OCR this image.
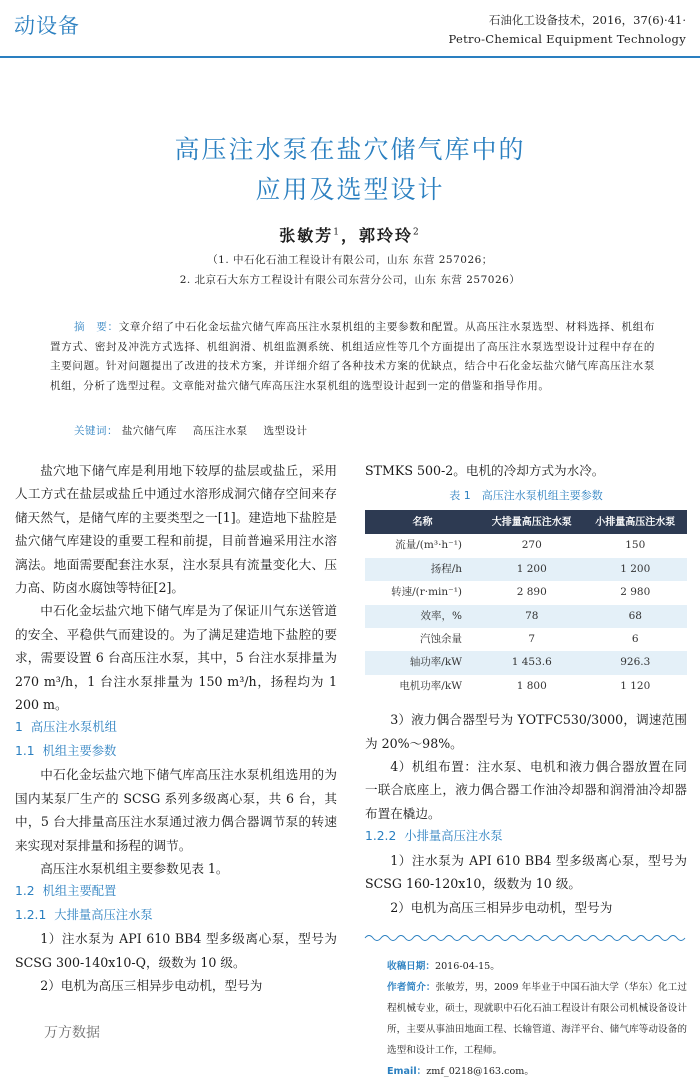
动设备	石油化工设备技术，2016，37(6)·41·
Petro-Chemical Equipment Technology
高压注水泵在盐穴储气库中的
应用及选型设计
张敏芳$^1$，郭玲玲$^2$
（1. 中石化石油工程设计有限公司，山东 东营 257026；
2. 北京石大东方工程设计有限公司东营分公司，山东 东营 257026）
摘　要：文章介绍了中石化金坛盐穴储气库高压注水泵机组的主要参数和配置。从高压注水泵选型、材料选择、机组布置方式、密封及冲洗方式选择、机组润滑、机组监测系统、机组适应性等几个方面提出了高压注水泵选型设计过程中存在的主要问题。针对问题提出了改进的技术方案，并详细介绍了各种技术方案的优缺点，结合中石化金坛盐穴储气库高压注水泵机组，分析了选型过程。文章能对盐穴储气库高压注水泵机组的选型设计起到一定的借鉴和指导作用。
关键词： 盐穴储气库 高压注水泵 选型设计

盐穴地下储气库是利用地下较厚的盐层或盐丘，采用人工方式在盐层或盐丘中通过水溶形成洞穴储存空间来存储天然气，是储气库的主要类型之一[1]。建造地下盐腔是盐穴储气库建设的重要工程和前提，目前普遍采用注水溶漓法。地面需要配套注水泵，注水泵具有流量变化大、压力高、防卤水腐蚀等特征[2]。

中石化金坛盐穴地下储气库是为了保证川气东送管道的安全、平稳供气而建设的。为了满足建造地下盐腔的要求，需要设置 6 台高压注水泵，其中，5 台注水泵排量为 270 m³/h，1 台注水泵排量为 150 m³/h，扬程均为 1 200 m。

1 高压注水泵机组
1.1 机组主要参数

中石化金坛盐穴地下储气库高压注水泵机组选用的为国内某泵厂生产的 SCSG 系列多级离心泵，共 6 台，其中，5 台大排量高压注水泵通过液力偶合器调节泵的转速来实现对泵排量和扬程的调节。

高压注水泵机组主要参数见表 1。

1.2 机组主要配置
1.2.1 大排量高压注水泵

1）注水泵为 API 610 BB4 型多级离心泵，型号为 SCSG 300-140x10-Q，级数为 10 级。

2）电机为高压三相异步电动机，型号为

STMKS 500-2。电机的冷却方式为水冷。

表 1　高压注水泵机组主要参数
名称	大排量高压注水泵	小排量高压注水泵
流量/(m³·h⁻¹)	270	150
扬程/h	1 200	1 200
转速/(r·min⁻¹)	2 890	2 980
效率，%	78	68
汽蚀余量	7	6
轴功率/kW	1 453.6	926.3
电机功率/kW	1 800	1 120

3）液力偶合器型号为 YOTFC530/3000，调速范围为 20%～98%。

4）机组布置：注水泵、电机和液力偶合器放置在同一联合底座上，液力偶合器工作油冷却器和润滑油冷却器布置在橇边。

1.2.2 小排量高压注水泵

1）注水泵为 API 610 BB4 型多级离心泵，型号为 SCSG 160-120x10，级数为 10 级。

2）电机为高压三相异步电动机，型号为

收稿日期：2016-04-15。
作者简介：张敏芳，男，2009 年毕业于中国石油大学（华东）化工过程机械专业，硕士，现就职中石化石油工程设计有限公司机械设备设计所，主要从事油田地面工程、长输管道、海洋平台、储气库等动设备的选型和设计工作，工程师。
Email：zmf_0218@163.com。
万方数据
